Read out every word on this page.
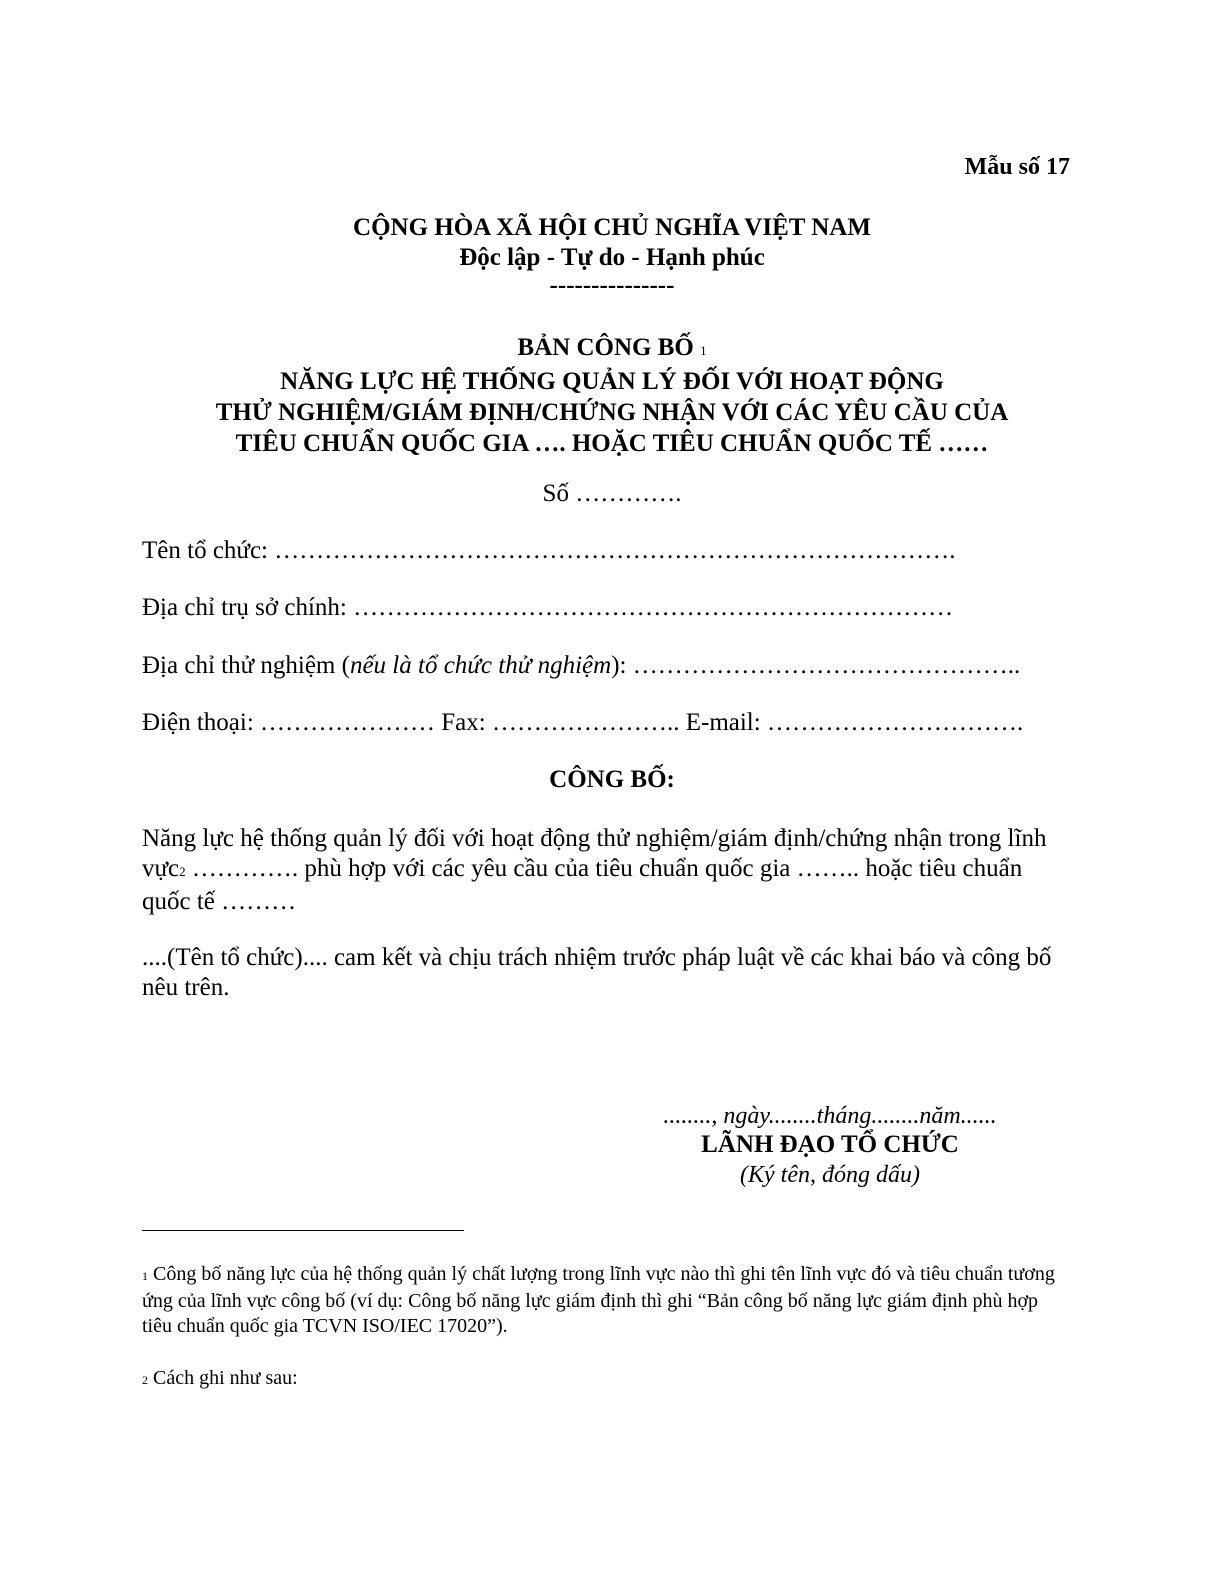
Mẫu số 17
CỘNG HÒA XÃ HỘI CHỦ NGHĨA VIỆT NAM
Độc lập - Tự do - Hạnh phúc
---------------
BẢN CÔNG BỐ 1
NĂNG LỰC HỆ THỐNG QUẢN LÝ ĐỐI VỚI HOẠT ĐỘNG
THỬ NGHIỆM/GIÁM ĐỊNH/CHỨNG NHẬN VỚI CÁC YÊU CẦU CỦA
TIÊU CHUẨN QUỐC GIA …. HOẶC TIÊU CHUẨN QUỐC TẾ ……
Số ………….
Tên tổ chức: ……………………………………………………………………….
Địa chỉ trụ sở chính: ………………………………………………………………
Địa chỉ thử nghiệm (nếu là tổ chức thử nghiệm): ………………………………………..
Điện thoại: ………………… Fax: ………………….. E-mail: ………………………….
CÔNG BỐ:
Năng lực hệ thống quản lý đối với hoạt động thử nghiệm/giám định/chứng nhận trong lĩnh vực2 …………. phù hợp với các yêu cầu của tiêu chuẩn quốc gia …….. hoặc tiêu chuẩn quốc tế ………
....(Tên tổ chức).... cam kết và chịu trách nhiệm trước pháp luật về các khai báo và công bố nêu trên.
........, ngày........tháng........năm......
LÃNH ĐẠO TỔ CHỨC
(Ký tên, đóng dấu)
1 Công bố năng lực của hệ thống quản lý chất lượng trong lĩnh vực nào thì ghi tên lĩnh vực đó và tiêu chuẩn tương ứng của lĩnh vực công bố (ví dụ: Công bố năng lực giám định thì ghi “Bản công bố năng lực giám định phù hợp tiêu chuẩn quốc gia TCVN ISO/IEC 17020”).
2 Cách ghi như sau:
